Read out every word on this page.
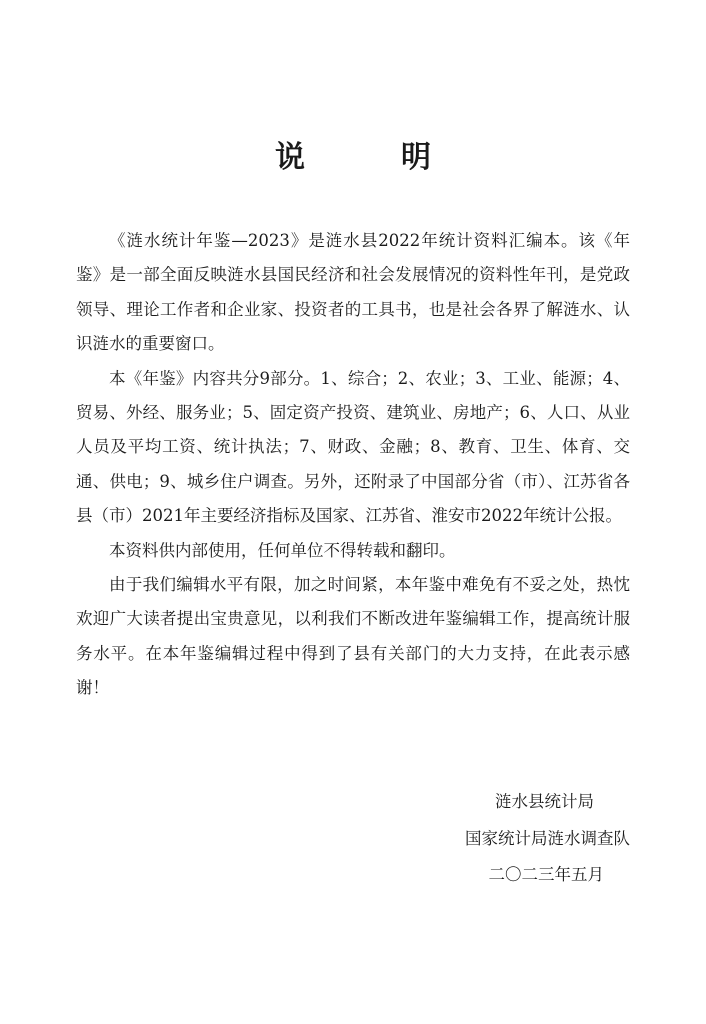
说明

《涟水统计年鉴—2023》是涟水县2022年统计资料汇编本。该《年鉴》是一部全面反映涟水县国民经济和社会发展情况的资料性年刊，是党政领导、理论工作者和企业家、投资者的工具书，也是社会各界了解涟水、认识涟水的重要窗口。

本《年鉴》内容共分9部分。1、综合；2、农业；3、工业、能源；4、贸易、外经、服务业；5、固定资产投资、建筑业、房地产；6、人口、从业人员及平均工资、统计执法；7、财政、金融；8、教育、卫生、体育、交通、供电；9、城乡住户调查。另外，还附录了中国部分省（市）、江苏省各县（市）2021年主要经济指标及国家、江苏省、淮安市2022年统计公报。

本资料供内部使用，任何单位不得转载和翻印。

由于我们编辑水平有限，加之时间紧，本年鉴中难免有不妥之处，热忱欢迎广大读者提出宝贵意见，以利我们不断改进年鉴编辑工作，提高统计服务水平。在本年鉴编辑过程中得到了县有关部门的大力支持，在此表示感谢！

涟水县统计局
国家统计局涟水调查队
二〇二三年五月
